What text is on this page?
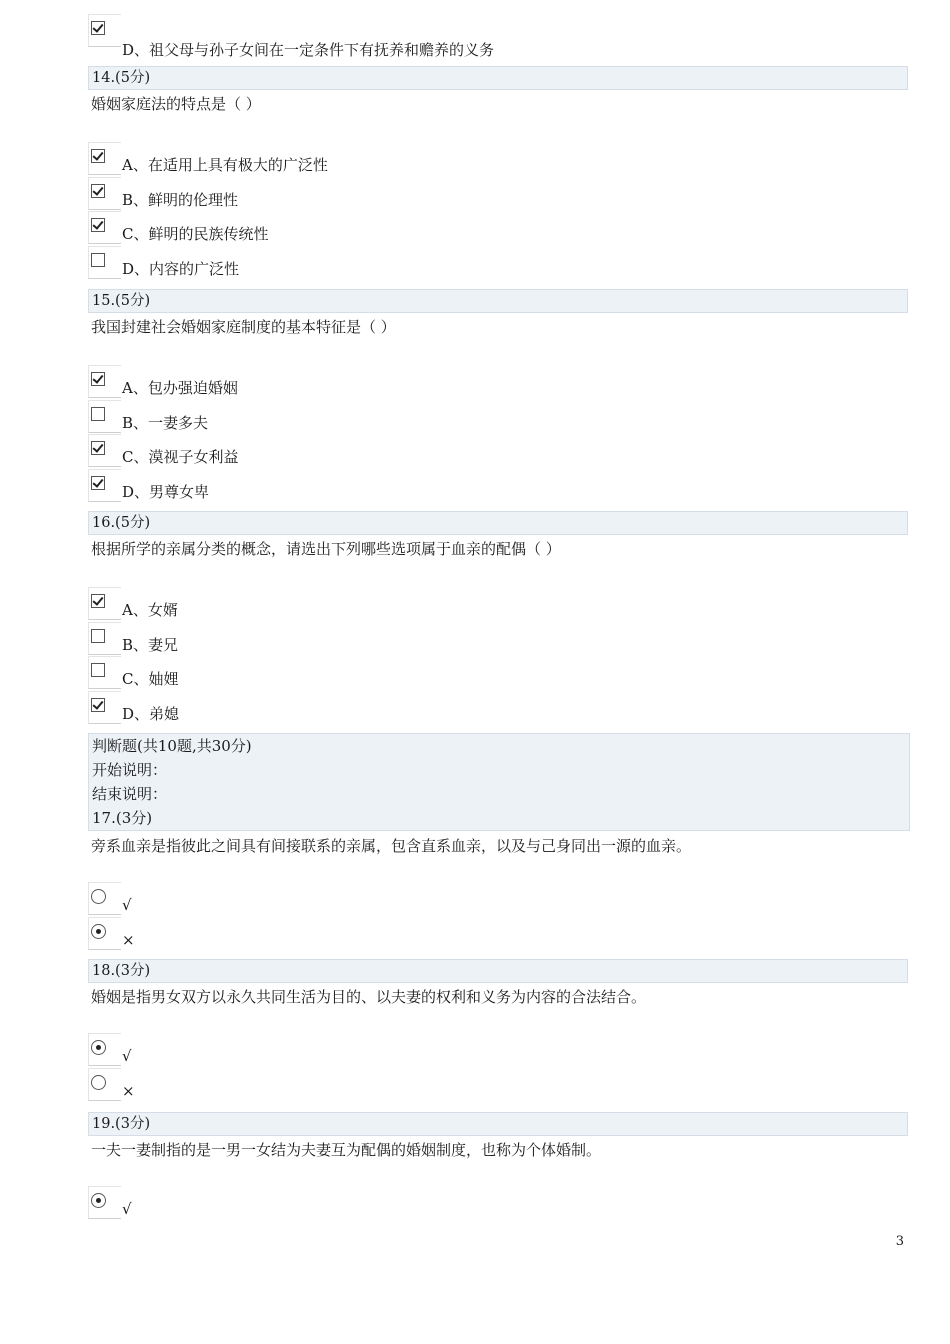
D、祖父母与孙子女间在一定条件下有抚养和赡养的义务
14.(5分)
婚姻家庭法的特点是（ ）
A、在适用上具有极大的广泛性
B、鲜明的伦理性
C、鲜明的民族传统性
D、内容的广泛性
15.(5分)
我国封建社会婚姻家庭制度的基本特征是（ ）
A、包办强迫婚姻
B、一妻多夫
C、漠视子女利益
D、男尊女卑
16.(5分)
根据所学的亲属分类的概念，请选出下列哪些选项属于血亲的配偶（ ）
A、女婿
B、妻兄
C、妯娌
D、弟媳
判断题(共10题,共30分)
开始说明：
结束说明：
17.(3分)
旁系血亲是指彼此之间具有间接联系的亲属，包含直系血亲，以及与己身同出一源的血亲。
√
×
18.(3分)
婚姻是指男女双方以永久共同生活为目的、以夫妻的权利和义务为内容的合法结合。
√
×
19.(3分)
一夫一妻制指的是一男一女结为夫妻互为配偶的婚姻制度，也称为个体婚制。
√
3
